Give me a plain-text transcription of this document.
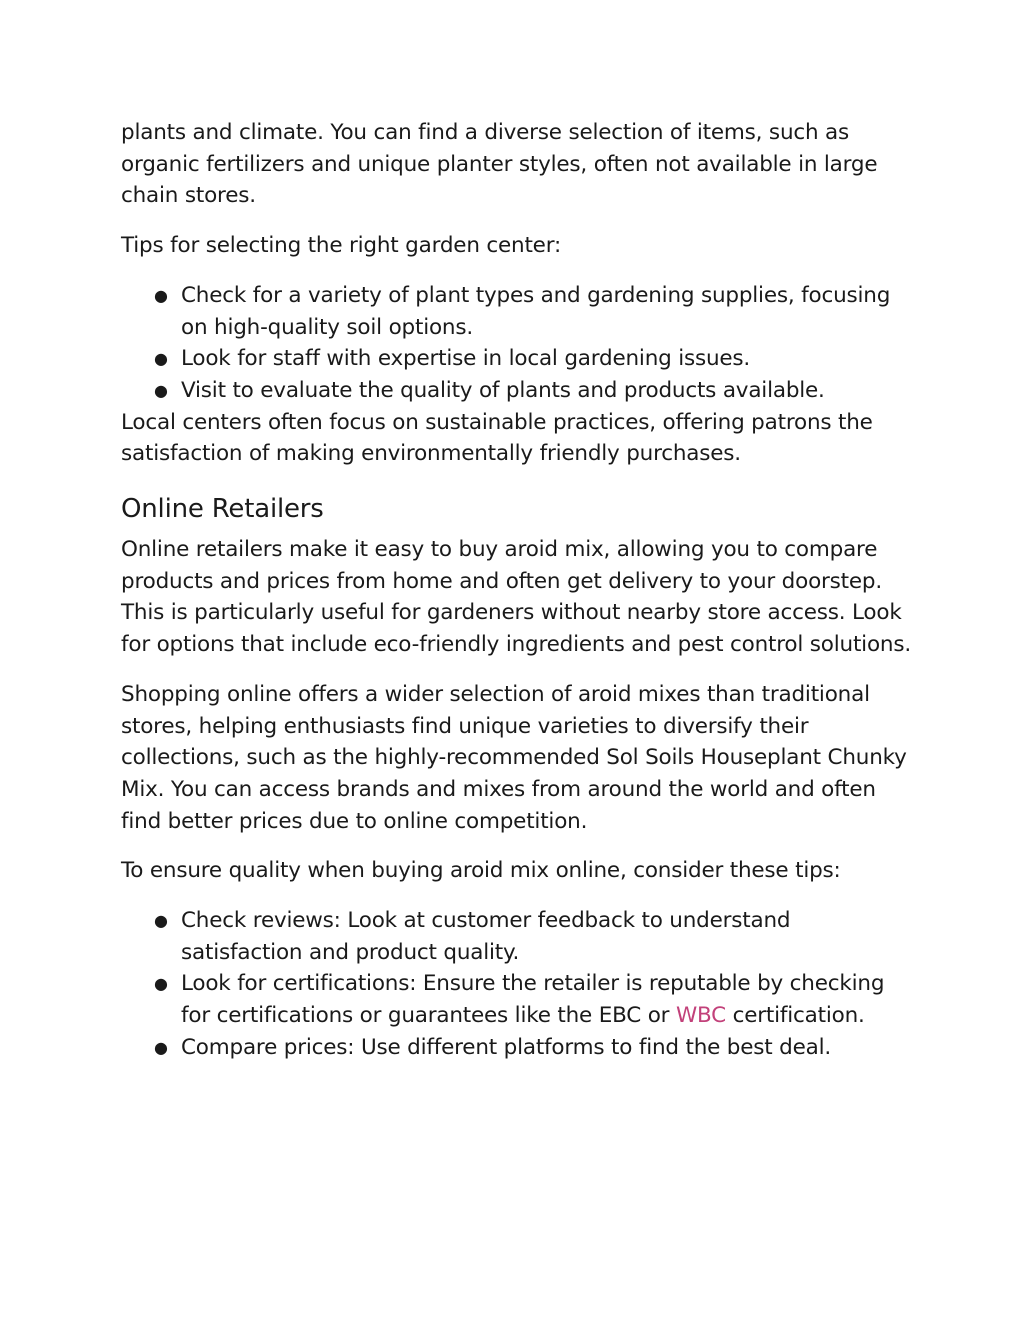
plants and climate. You can find a diverse selection of items, such as organic fertilizers and unique planter styles, often not available in large chain stores.

Tips for selecting the right garden center:

● Check for a variety of plant types and gardening supplies, focusing on high-quality soil options.
● Look for staff with expertise in local gardening issues.
● Visit to evaluate the quality of plants and products available.

Local centers often focus on sustainable practices, offering patrons the satisfaction of making environmentally friendly purchases.

Online Retailers

Online retailers make it easy to buy aroid mix, allowing you to compare products and prices from home and often get delivery to your doorstep. This is particularly useful for gardeners without nearby store access. Look for options that include eco-friendly ingredients and pest control solutions.

Shopping online offers a wider selection of aroid mixes than traditional stores, helping enthusiasts find unique varieties to diversify their collections, such as the highly-recommended Sol Soils Houseplant Chunky Mix. You can access brands and mixes from around the world and often find better prices due to online competition.

To ensure quality when buying aroid mix online, consider these tips:

● Check reviews: Look at customer feedback to understand satisfaction and product quality.
● Look for certifications: Ensure the retailer is reputable by checking for certifications or guarantees like the EBC or WBC certification.
● Compare prices: Use different platforms to find the best deal.
